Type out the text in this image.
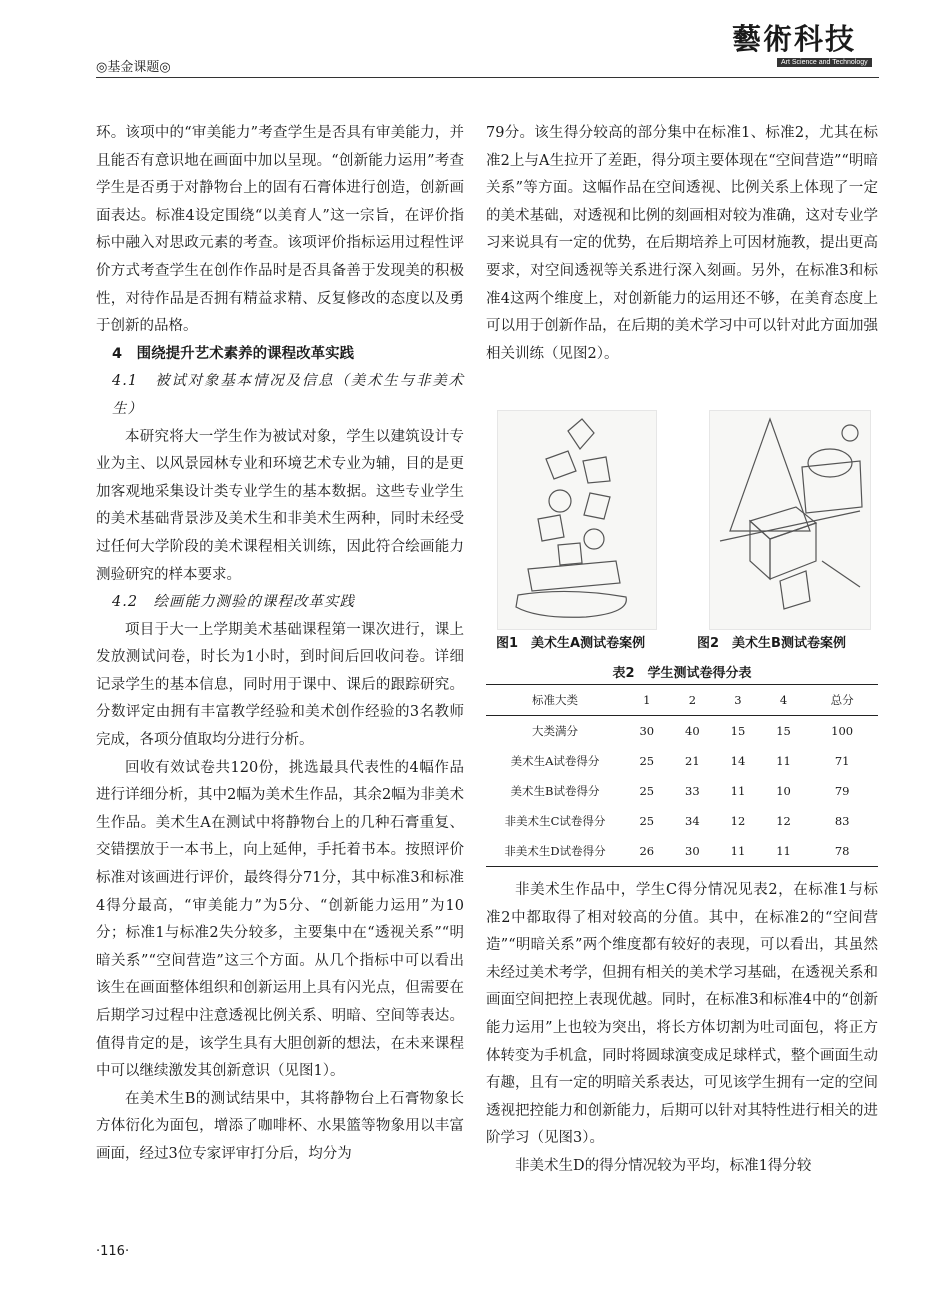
◎基金课题◎
藝術科技
Art Science and Technology

环。该项中的“审美能力”考查学生是否具有审美能力，并且能否有意识地在画面中加以呈现。“创新能力运用”考查学生是否勇于对静物台上的固有石膏体进行创造，创新画面表达。标准4设定围绕“以美育人”这一宗旨，在评价指标中融入对思政元素的考查。该项评价指标运用过程性评价方式考查学生在创作作品时是否具备善于发现美的积极性，对待作品是否拥有精益求精、反复修改的态度以及勇于创新的品格。

4　围绕提升艺术素养的课程改革实践
4.1　被试对象基本情况及信息（美术生与非美术生）

本研究将大一学生作为被试对象，学生以建筑设计专业为主、以风景园林专业和环境艺术专业为辅，目的是更加客观地采集设计类专业学生的基本数据。这些专业学生的美术基础背景涉及美术生和非美术生两种，同时未经受过任何大学阶段的美术课程相关训练，因此符合绘画能力测验研究的样本要求。

4.2　绘画能力测验的课程改革实践

项目于大一上学期美术基础课程第一课次进行，课上发放测试问卷，时长为1小时，到时间后回收问卷。详细记录学生的基本信息，同时用于课中、课后的跟踪研究。分数评定由拥有丰富教学经验和美术创作经验的3名教师完成，各项分值取均分进行分析。

回收有效试卷共120份，挑选最具代表性的4幅作品进行详细分析，其中2幅为美术生作品，其余2幅为非美术生作品。美术生A在测试中将静物台上的几种石膏重复、交错摆放于一本书上，向上延伸，手托着书本。按照评价标准对该画进行评价，最终得分71分，其中标准3和标准4得分最高，“审美能力”为5分、“创新能力运用”为10分；标准1与标准2失分较多，主要集中在“透视关系”“明暗关系”“空间营造”这三个方面。从几个指标中可以看出该生在画面整体组织和创新运用上具有闪光点，但需要在后期学习过程中注意透视比例关系、明暗、空间等表达。值得肯定的是，该学生具有大胆创新的想法，在未来课程中可以继续激发其创新意识（见图1）。

在美术生B的测试结果中，其将静物台上石膏物象长方体衍化为面包，增添了咖啡杯、水果篮等物象用以丰富画面，经过3位专家评审打分后，均分为

79分。该生得分较高的部分集中在标准1、标准2，尤其在标准2上与A生拉开了差距，得分项主要体现在“空间营造”“明暗关系”等方面。这幅作品在空间透视、比例关系上体现了一定的美术基础，对透视和比例的刻画相对较为准确，这对专业学习来说具有一定的优势，在后期培养上可因材施教，提出更高要求，对空间透视等关系进行深入刻画。另外，在标准3和标准4这两个维度上，对创新能力的运用还不够，在美育态度上可以用于创新作品，在后期的美术学习中可以针对此方面加强相关训练（见图2）。

图1　美术生A测试卷案例	图2　美术生B测试卷案例
表2　学生测试卷得分表
标准大类	1	2	3	4	总分
大类满分	30	40	15	15	100
美术生A试卷得分	25	21	14	11	71
美术生B试卷得分	25	33	11	10	79
非美术生C试卷得分	25	34	12	12	83
非美术生D试卷得分	26	30	11	11	78

非美术生作品中，学生C得分情况见表2，在标准1与标准2中都取得了相对较高的分值。其中，在标准2的“空间营造”“明暗关系”两个维度都有较好的表现，可以看出，其虽然未经过美术考学，但拥有相关的美术学习基础，在透视关系和画面空间把控上表现优越。同时，在标准3和标准4中的“创新能力运用”上也较为突出，将长方体切割为吐司面包，将正方体转变为手机盒，同时将圆球演变成足球样式，整个画面生动有趣，且有一定的明暗关系表达，可见该学生拥有一定的空间透视把控能力和创新能力，后期可以针对其特性进行相关的进阶学习（见图3）。

非美术生D的得分情况较为平均，标准1得分较

·116·
